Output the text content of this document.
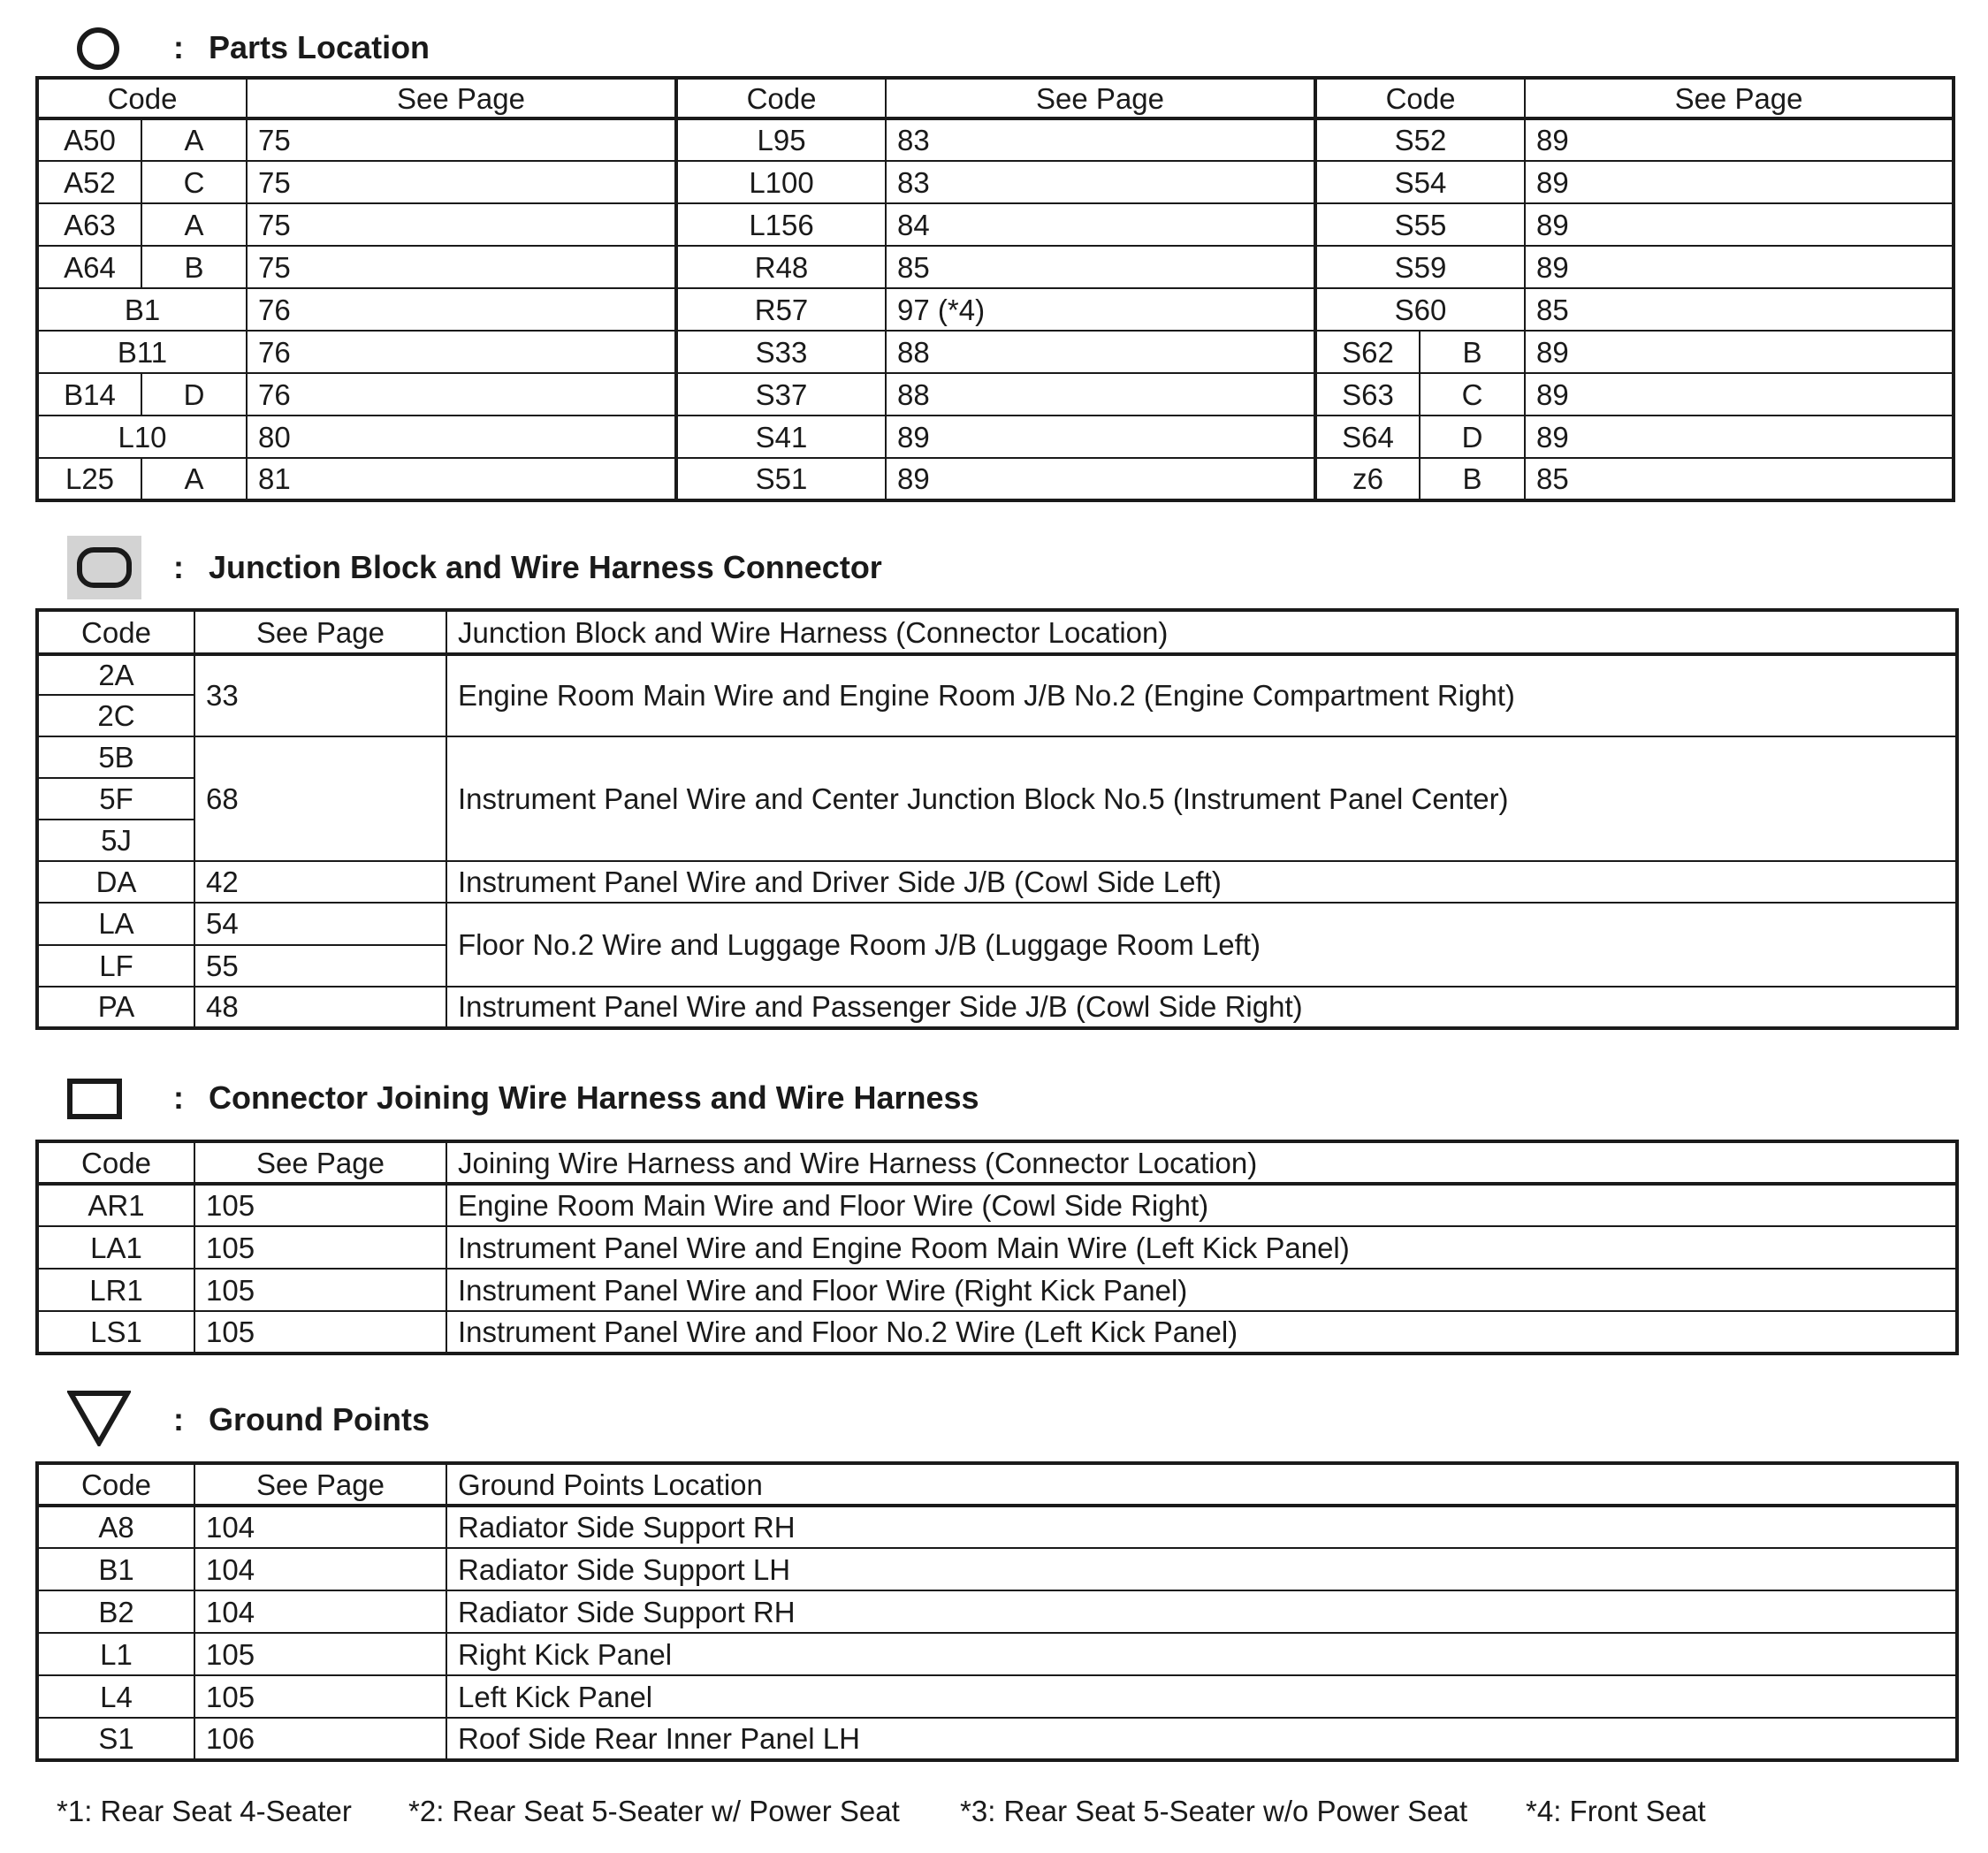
: Parts Location
Code		See Page	Code	See Page	Code		See Page
A50	A	75	L95	83	S52		89
A52	C	75	L100	83	S54		89
A63	A	75	L156	84	S55		89
A64	B	75	R48	85	S59		89
B1		76	R57	97 (*4)	S60		85
B11		76	S33	88	S62	B	89
B14	D	76	S37	88	S63	C	89
L10		80	S41	89	S64	D	89
L25	A	81	S51	89	z6	B	85
: Junction Block and Wire Harness Connector
Code	See Page	Junction Block and Wire Harness (Connector Location)
2A	33	Engine Room Main Wire and Engine Room J/B No.2 (Engine Compartment Right)
2C		
5B	68	Instrument Panel Wire and Center Junction Block No.5 (Instrument Panel Center)
5F		
5J		
DA	42	Instrument Panel Wire and Driver Side J/B (Cowl Side Left)
LA	54	Floor No.2 Wire and Luggage Room J/B (Luggage Room Left)
LF	55	
PA	48	Instrument Panel Wire and Passenger Side J/B (Cowl Side Right)
: Connector Joining Wire Harness and Wire Harness
Code	See Page	Joining Wire Harness and Wire Harness (Connector Location)
AR1	105	Engine Room Main Wire and Floor Wire (Cowl Side Right)
LA1	105	Instrument Panel Wire and Engine Room Main Wire (Left Kick Panel)
LR1	105	Instrument Panel Wire and Floor Wire (Right Kick Panel)
LS1	105	Instrument Panel Wire and Floor No.2 Wire (Left Kick Panel)
: Ground Points
Code	See Page	Ground Points Location
A8	104	Radiator Side Support RH
B1	104	Radiator Side Support LH
B2	104	Radiator Side Support RH
L1	105	Right Kick Panel
L4	105	Left Kick Panel
S1	106	Roof Side Rear Inner Panel LH
*1: Rear Seat 4-Seater *2: Rear Seat 5-Seater w/ Power Seat *3: Rear Seat 5-Seater w/o Power Seat *4: Front Seat
